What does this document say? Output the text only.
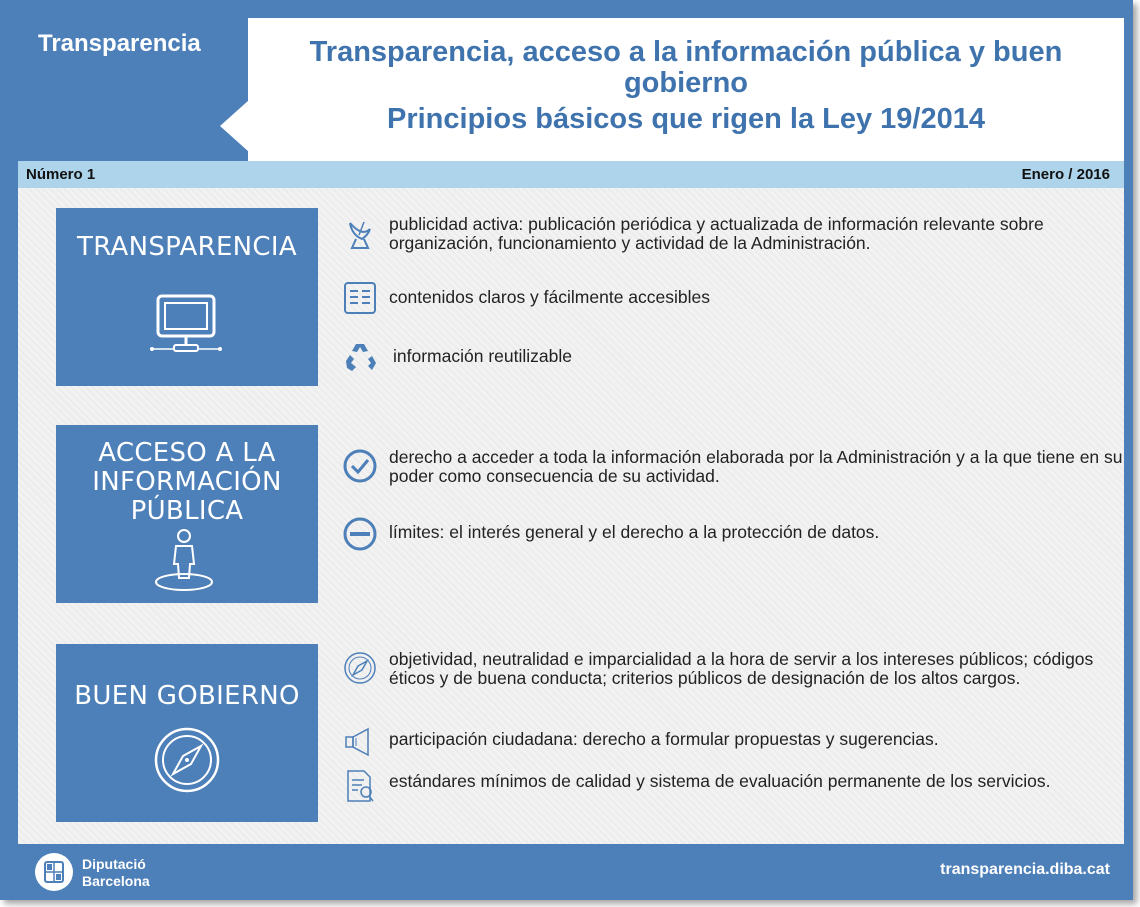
Transparencia	Transparencia, acceso a la información pública y buen gobierno
Principios básicos que rigen la Ley 19/2014
Número 1	Enero / 2016
TRANSPARENCIA
publicidad activa: publicación periódica y actualizada de información relevante sobre organización, funcionamiento y actividad de la Administración.
contenidos claros y fácilmente accesibles
información reutilizable
ACCESO A LA INFORMACIÓN PÚBLICA
derecho a acceder a toda la información elaborada por la Administración y a la que tiene en su poder como consecuencia de su actividad.
límites: el interés general y el derecho a la protección de datos.
BUEN GOBIERNO
objetividad, neutralidad e imparcialidad a la hora de servir a los intereses públicos; códigos éticos y de buena conducta; criterios públicos de designación de los altos cargos.
participación ciudadana: derecho a formular propuestas y sugerencias.
estándares mínimos de calidad y sistema de evaluación permanente de los servicios.
Diputació
Barcelona
transparencia.diba.cat
